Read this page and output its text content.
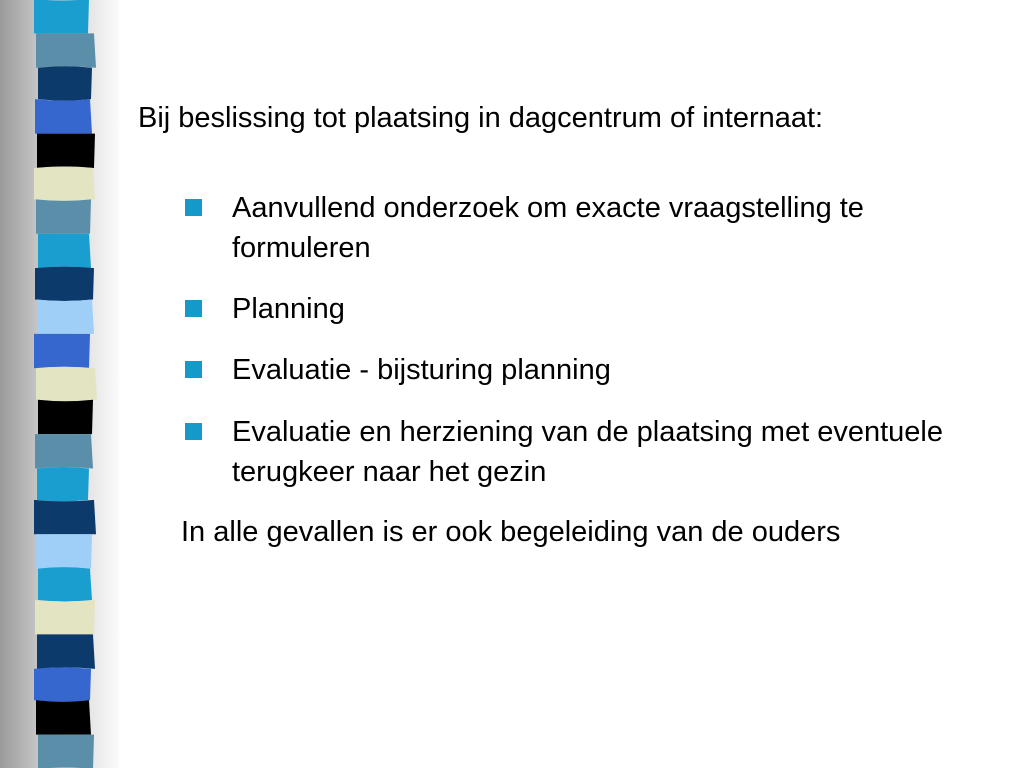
Bij beslissing tot plaatsing in dagcentrum of internaat:
Aanvullend onderzoek om exacte vraagstelling te formuleren
Planning
Evaluatie - bijsturing planning
Evaluatie en herziening van de plaatsing met eventuele terugkeer naar het gezin
In alle gevallen is er ook begeleiding van de ouders
